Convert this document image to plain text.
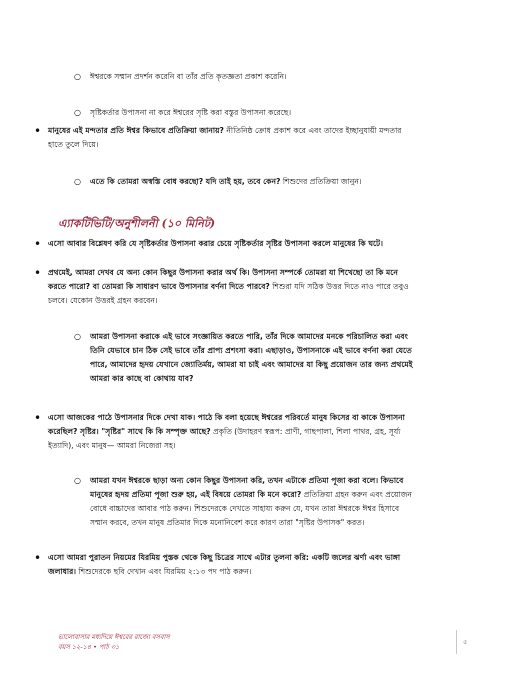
○ ঈশ্বরকে সম্মান প্রদর্শন করেনি বা তাঁর প্রতি কৃতজ্ঞতা প্রকাশ করেনি।
○ সৃষ্টিকর্তার উপাসনা না করে ঈশ্বরের সৃষ্টি করা বস্তুর উপাসনা করেছে।
• মানুষের এই মন্দতার প্রতি ঈশ্বর কিভাবে প্রতিক্রিয়া জানায়? নীতিনিষ্ঠ ক্রোধ প্রকাশ করে এবং তাদের ইচ্ছানুযায়ী মন্দতার
হাতে তুলে দিয়ে।
○ এতে কি তোমরা অস্বস্তি বোধ করছো? যদি তাই হয়, তবে কেন? শিশুদের প্রতিক্রিয়া জানুন।
এ্যাকটিভিটি/অনুশীলনী (১০ মিনিট)
• এসো আবার বিশ্লেষণ করি যে সৃষ্টিকর্তার উপাসনা করার চেয়ে সৃষ্টিকর্তার সৃষ্টির উপাসনা করলে মানুষের কি ঘটে।
• প্রথমেই, আমরা দেখব যে অন্য কোন কিছুর উপাসনা করার অর্থ কি। উপাসনা সম্পর্কে তোমরা যা শিখেছো তা কি মনে
করতে পারো? বা তোমরা কি সাধারণ ভাবে উপাসনার বর্ণনা দিতে পারবে? শিশুরা যদি সঠিক উত্তর দিতে নাও পারে তবুও
চলবে। যেকোন উত্তরই গ্রহন করবেন।
○ আমরা উপাসনা করাকে এই ভাবে সংজ্ঞায়িত করতে পারি, তাঁর দিকে আমাদের মনকে পরিচালিত করা এবং
তিনি যেভাবে চান ঠিক সেই ভাবে তাঁর প্রাপ্য প্রশংসা করা। এছাড়াও, উপাসনাকে এই ভাবে বর্ণনা করা যেতে
পারে, আমাদের হৃদয় যেখানে জ্যোতির্ময়, আমরা যা চাই এবং আমাদের যা কিছু প্রয়োজন তার জন্য প্রথমেই
আমরা কার কাছে বা কোথায় যাব?
• এসো আজকের পাঠে উপাসনার দিকে দেখা যাক। পাঠে কি বলা হয়েছে ঈশ্বরের পরিবর্তে মানুষ কিসের বা কাকে উপাসনা
করেছিল? সৃষ্টির। "সৃষ্টির" সাথে কি কি সম্পৃক্ত আছে? প্রকৃতি (উদাহরণ স্বরূপ: প্রাণী, গাছপালা, শিলা পাথর, গ্রহ, সূর্য্য
ইত্যাদি), এবং মানুষ— আমরা নিজেরা সহ।
○ আমরা যখন ঈশ্বরকে ছাড়া অন্য কোন কিছুর উপাসনা করি, তখন এটাকে প্রতিমা পূজা করা বলে। কিভাবে
মানুষের হৃদয় প্রতিমা পূজা শুরু হয়, এই বিষয়ে তোমরা কি মনে করো? প্রতিক্রিয়া গ্রহন করুন এবং প্রয়োজন
বোধে বাচ্চাদের আবার পাঠ করুন। শিশুদেরকে দেখতে সাহায্য করুন যে, যখন তারা ঈশ্বরকে ঈশ্বর হিসাবে
সম্মান করবে, তখন মানুষ প্রতিমার দিকে মনোনিবেশ করে কারণ তারা "সৃষ্টির উপাসক" করত।
• এসো আমরা পুরাতন নিয়মের যিরমিয় পুস্তক থেকে কিছু চিত্রের সাথে এটার তুলনা করি: একটি জলের ঝর্ণা এবং ভাঙ্গা
জলাধার। শিশুদেরকে ছবি দেখান এবং যিরমিয় ২:১৩ পদ পাঠ করুন।
ভালোবাসার মধ্যদিয়ে ঈশ্বরের রাজ্যে বসবাস
বয়স ১২-১৪ • পাঠ ৩১
৫
